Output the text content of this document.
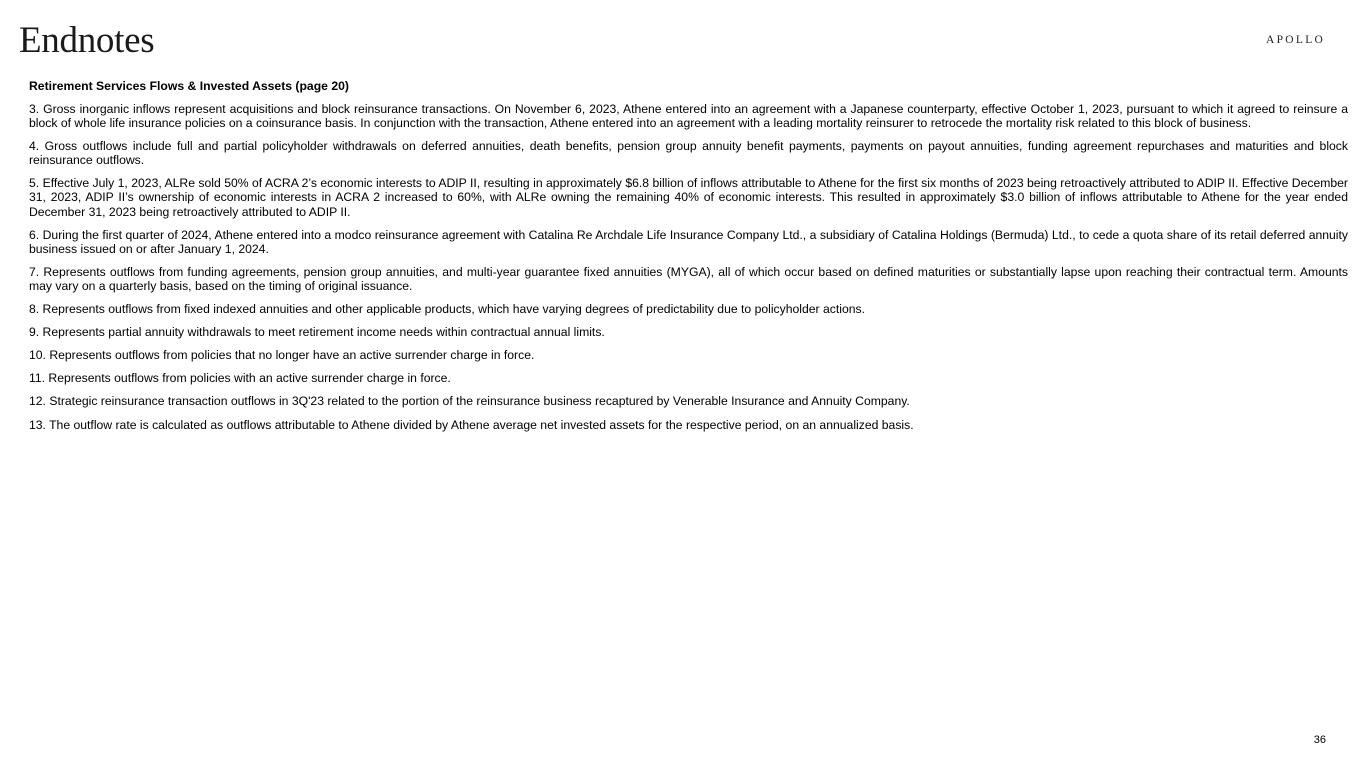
Endnotes	APOLLO

Retirement Services Flows & Invested Assets (page 20)

3. Gross inorganic inflows represent acquisitions and block reinsurance transactions. On November 6, 2023, Athene entered into an agreement with a Japanese counterparty, effective October 1, 2023, pursuant to which it agreed to reinsure a block of whole life insurance policies on a coinsurance basis. In conjunction with the transaction, Athene entered into an agreement with a leading mortality reinsurer to retrocede the mortality risk related to this block of business.

4. Gross outflows include full and partial policyholder withdrawals on deferred annuities, death benefits, pension group annuity benefit payments, payments on payout annuities, funding agreement repurchases and maturities and block reinsurance outflows.

5. Effective July 1, 2023, ALRe sold 50% of ACRA 2’s economic interests to ADIP II, resulting in approximately $6.8 billion of inflows attributable to Athene for the first six months of 2023 being retroactively attributed to ADIP II. Effective December 31, 2023, ADIP II’s ownership of economic interests in ACRA 2 increased to 60%, with ALRe owning the remaining 40% of economic interests. This resulted in approximately $3.0 billion of inflows attributable to Athene for the year ended December 31, 2023 being retroactively attributed to ADIP II.

6. During the first quarter of 2024, Athene entered into a modco reinsurance agreement with Catalina Re Archdale Life Insurance Company Ltd., a subsidiary of Catalina Holdings (Bermuda) Ltd., to cede a quota share of its retail deferred annuity business issued on or after January 1, 2024.

7. Represents outflows from funding agreements, pension group annuities, and multi-year guarantee fixed annuities (MYGA), all of which occur based on defined maturities or substantially lapse upon reaching their contractual term. Amounts may vary on a quarterly basis, based on the timing of original issuance.

8. Represents outflows from fixed indexed annuities and other applicable products, which have varying degrees of predictability due to policyholder actions.

9. Represents partial annuity withdrawals to meet retirement income needs within contractual annual limits.

10. Represents outflows from policies that no longer have an active surrender charge in force.

11. Represents outflows from policies with an active surrender charge in force.

12. Strategic reinsurance transaction outflows in 3Q'23 related to the portion of the reinsurance business recaptured by Venerable Insurance and Annuity Company.

13. The outflow rate is calculated as outflows attributable to Athene divided by Athene average net invested assets for the respective period, on an annualized basis.

36
